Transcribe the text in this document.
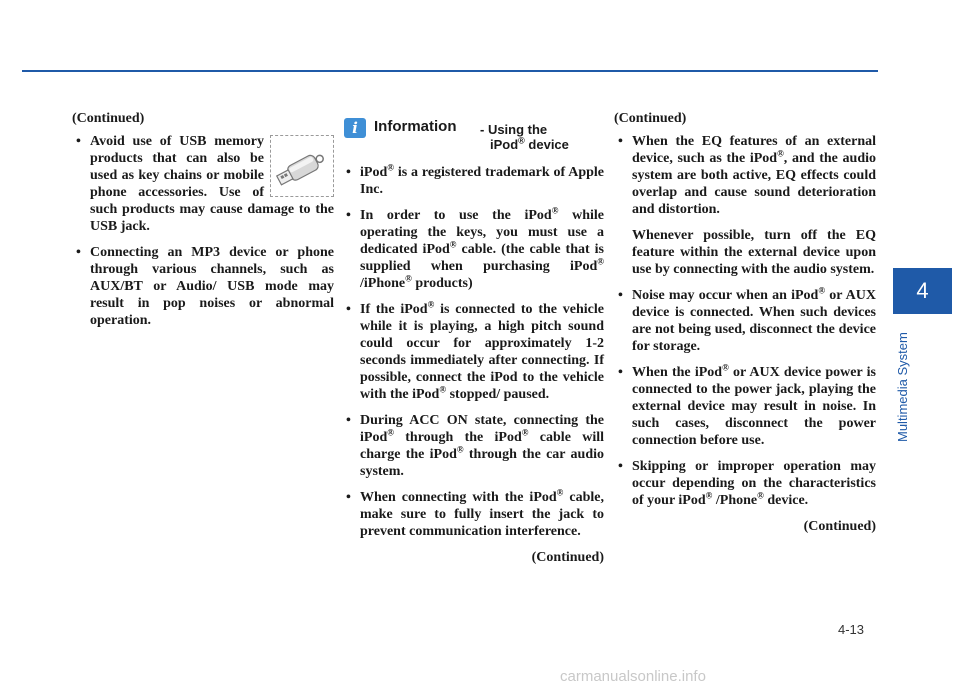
(Continued)
• Avoid use of USB memory products that can also be used as key chains or mobile phone accessories. Use of such products may cause damage to the USB jack.
• Connecting an MP3 device or phone through various channels, such as AUX/BT or Audio/ USB mode may result in pop noises or abnormal operation.
i	Information - Using the
iPod® device
• iPod® is a registered trademark of Apple Inc.
• In order to use the iPod® while operating the keys, you must use a dedicated iPod® cable. (the cable that is supplied when purchasing iPod® /iPhone® products)
• If the iPod® is connected to the vehicle while it is playing, a high pitch sound could occur for approximately 1-2 seconds immediately after connecting. If possible, connect the iPod to the vehicle with the iPod® stopped/ paused.
• During ACC ON state, connecting the iPod® through the iPod® cable will charge the iPod® through the car audio system.
• When connecting with the iPod® cable, make sure to fully insert the jack to prevent communication interference.
(Continued)
(Continued)
• When the EQ features of an external device, such as the iPod®, and the audio system are both active, EQ effects could overlap and cause sound deterioration and distortion.

Whenever possible, turn off the EQ feature within the external device upon use by connecting with the audio system.

• Noise may occur when an iPod® or AUX device is connected. When such devices are not being used, disconnect the device for storage.
• When the iPod® or AUX device power is connected to the power jack, playing the external device may result in noise. In such cases, disconnect the power connection before use.
• Skipping or improper operation may occur depending on the characteristics of your iPod® /Phone® device.
(Continued)
4
Multimedia System
4-13
carmanualsonline.info
